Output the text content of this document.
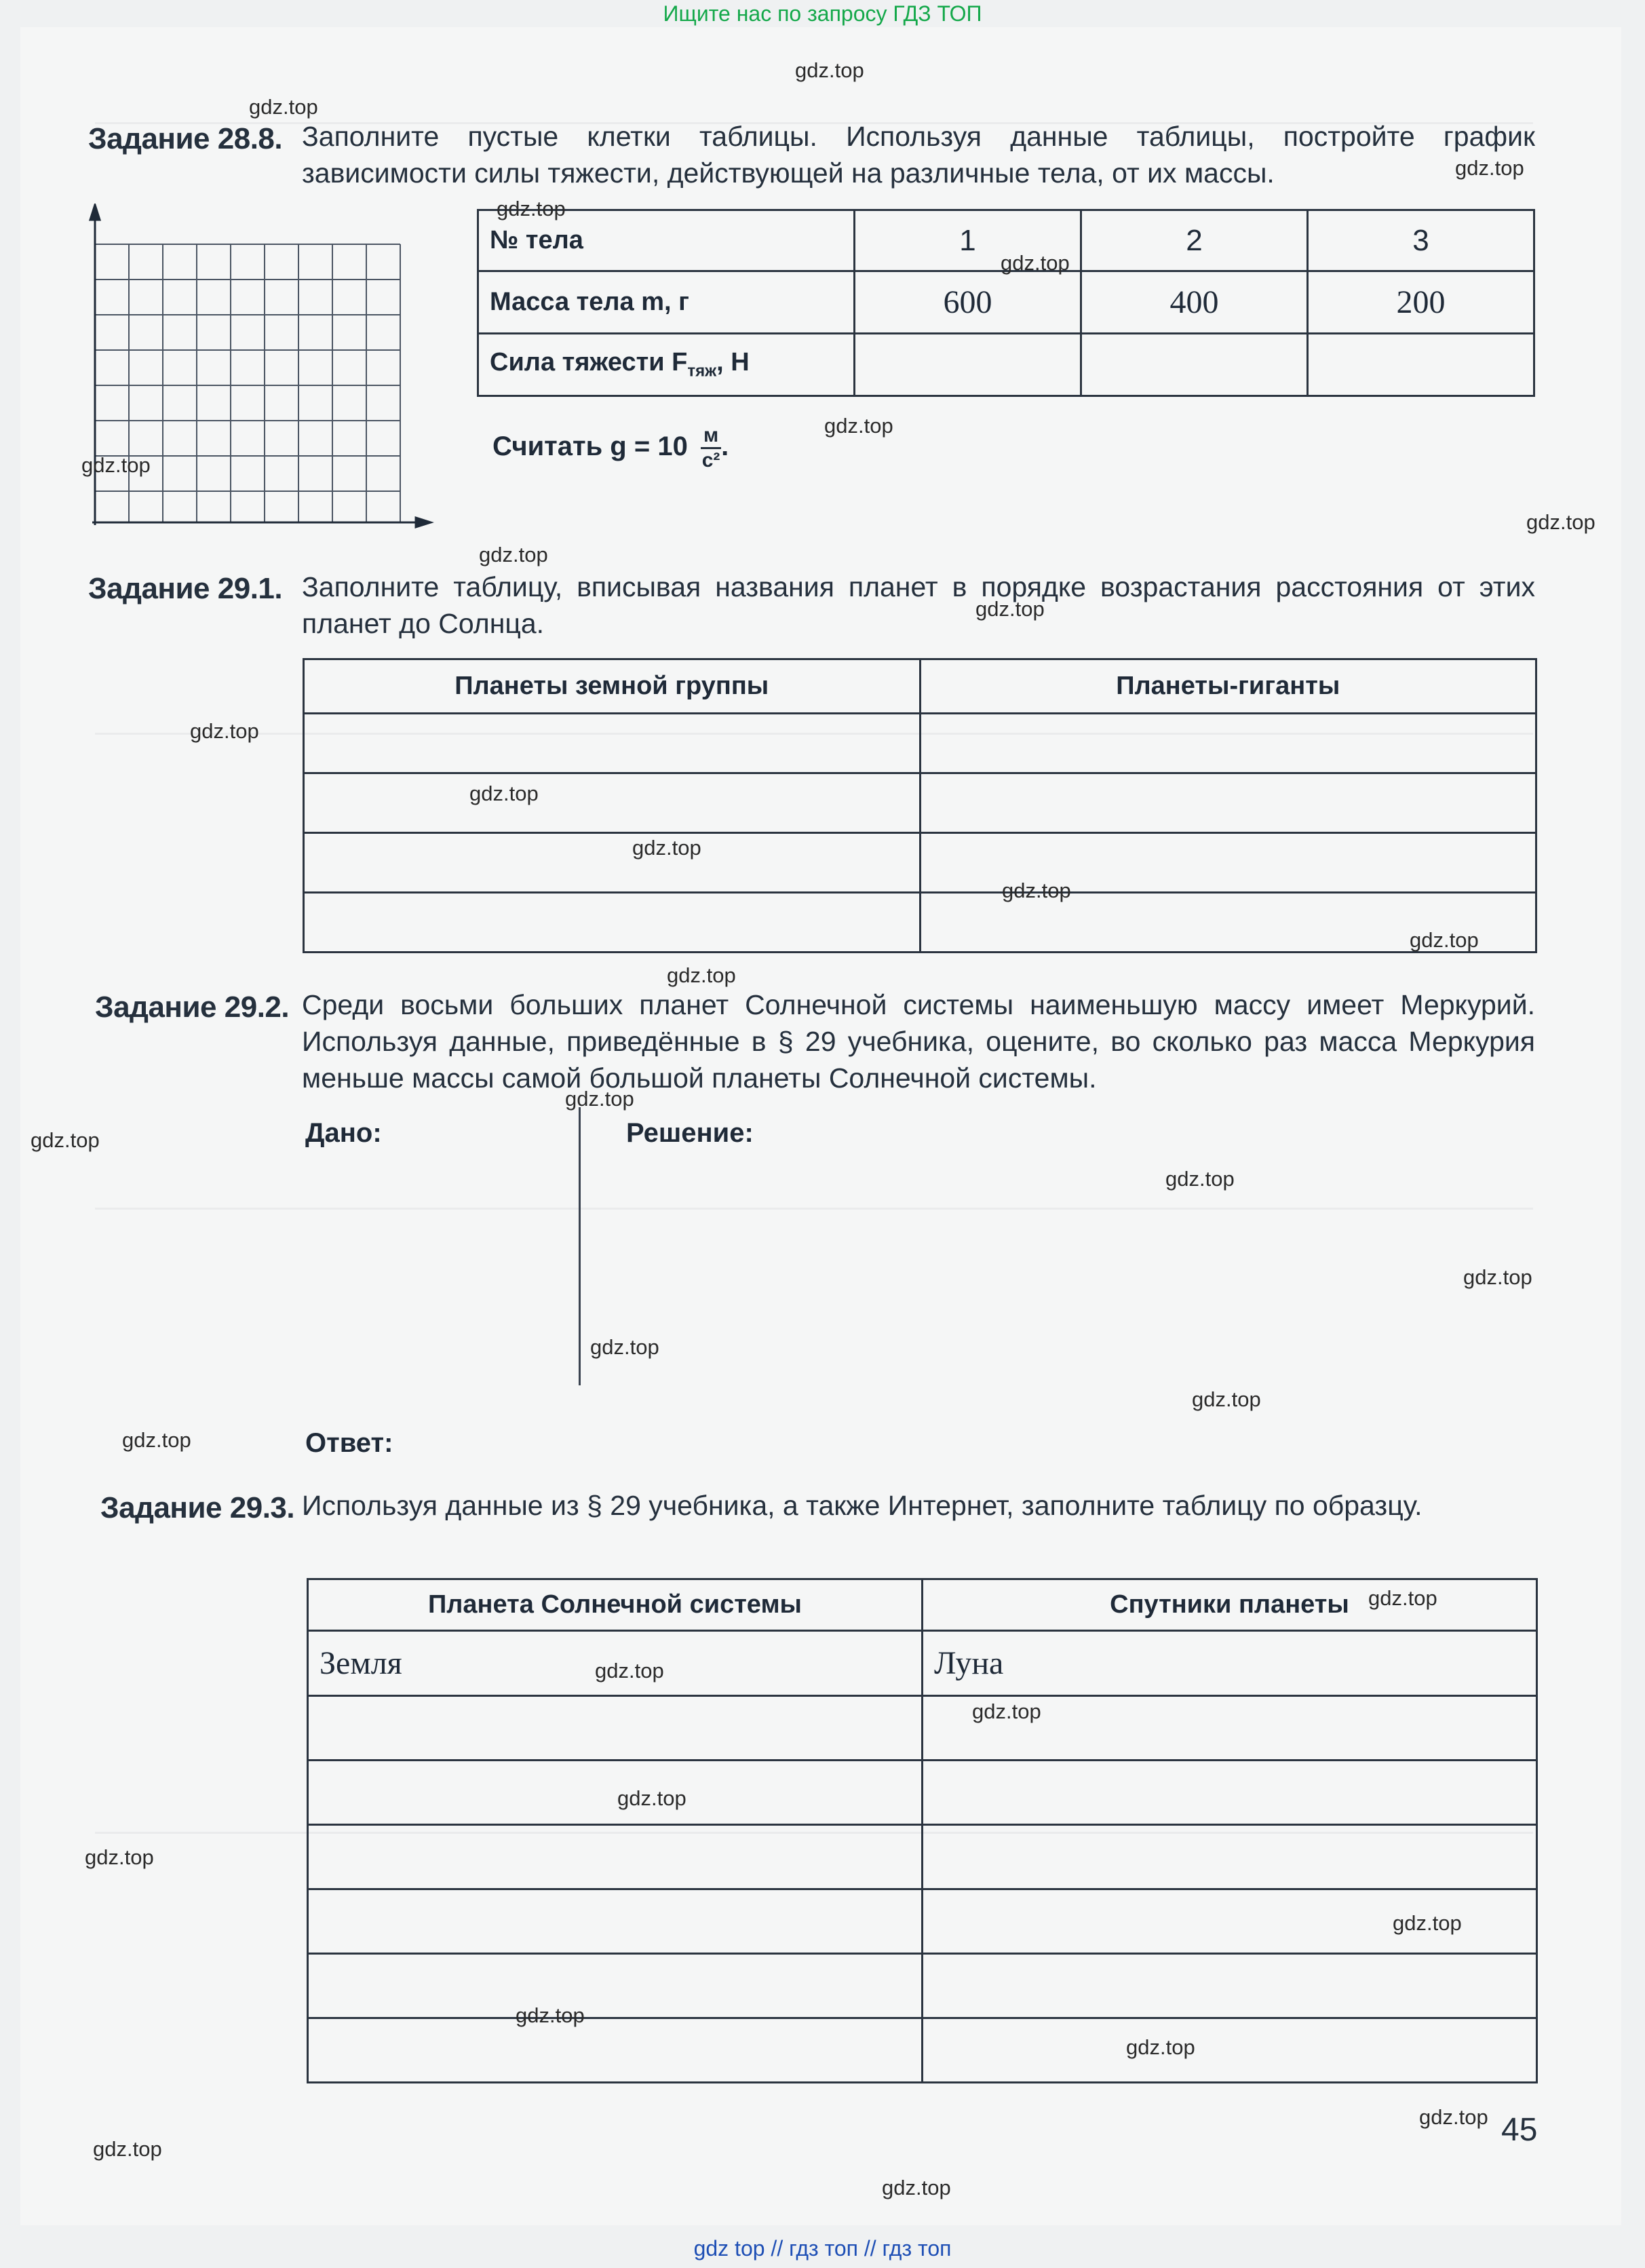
Ищите нас по запросу ГДЗ ТОП
Задание 28.8. Заполните пустые клетки таблицы. Используя данные таблицы, постройте график зависимости силы тяжести, действующей на различные тела, от их массы.
№ тела	1	2	3
Масса тела m, г	600	400	200
Сила тяжести $F_{тяж}$, Н			
Считать g = 10 м
с² .
Задание 29.1. Заполните таблицу, вписывая названия планет в порядке возрастания расстояния от этих планет до Солнца.
Планеты земной группы	Планеты-гиганты

Задание 29.2. Среди восьми больших планет Солнечной системы наименьшую массу имеет Меркурий. Используя данные, приведённые в § 29 учебника, оцените, во сколько раз масса Меркурия меньше массы самой большой планеты Солнечной системы.
Дано:	Решение:
Ответ:
Задание 29.3. Используя данные из § 29 учебника, а также Интернет, заполните таблицу по образцу.
Планета Солнечной системы	Спутники планеты
Земля	Луна

45
gdz.top
gdz.top
gdz.top
gdz.top
gdz.top
gdz.top
gdz.top
gdz.top
gdz.top
gdz.top
gdz.top
gdz.top
gdz.top
gdz.top
gdz.top
gdz.top
gdz.top
gdz.top
gdz.top
gdz.top
gdz.top
gdz.top
gdz.top
gdz.top
gdz.top
gdz.top
gdz.top
gdz.top
gdz.top
gdz.top
gdz.top
gdz.top
gdz.top
gdz.top
gdz top // гдз топ // гдз топ
